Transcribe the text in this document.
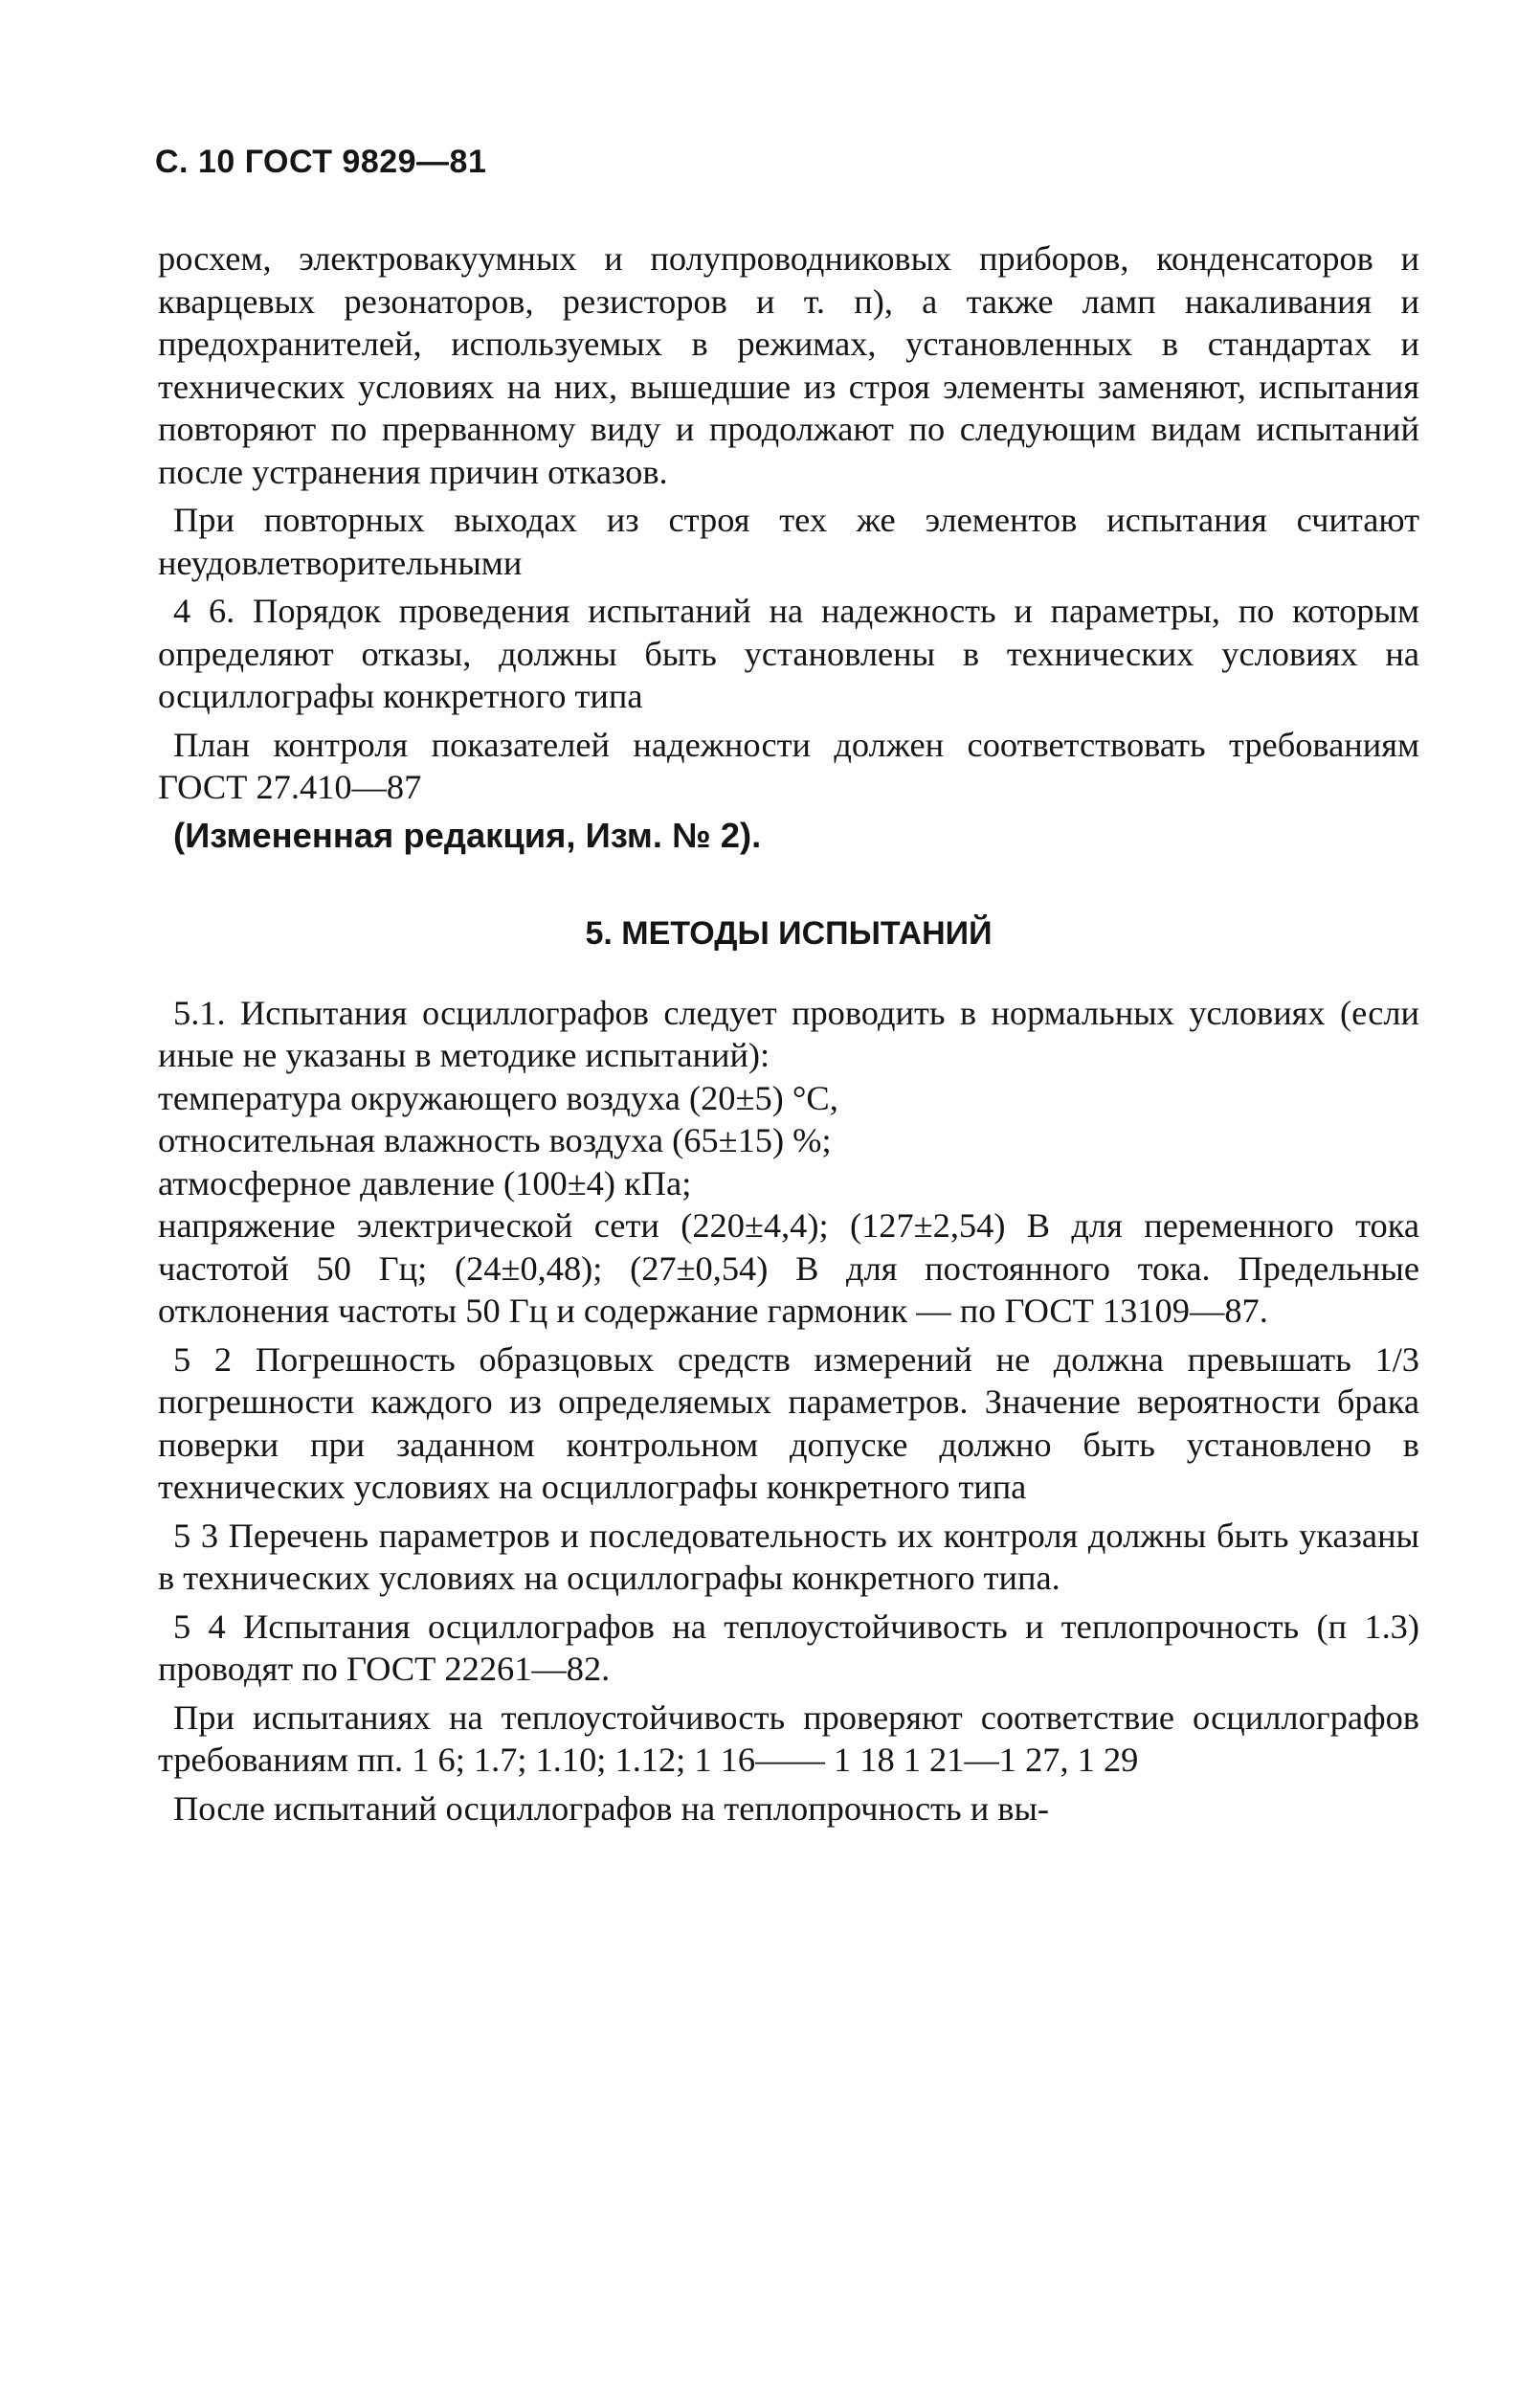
С. 10 ГОСТ 9829—81

росхем, электровакуумных и полупроводниковых приборов, конденсаторов и кварцевых резонаторов, резисторов и т. п), а также ламп накаливания и предохранителей, используемых в режимах, установленных в стандартах и технических условиях на них, вышедшие из строя элементы заменяют, испытания повторяют по прерванному виду и продолжают по следующим видам испытаний после устранения причин отказов.

При повторных выходах из строя тех же элементов испытания считают неудовлетворительными

4 6. Порядок проведения испытаний на надежность и параметры, по которым определяют отказы, должны быть установлены в технических условиях на осциллографы конкретного типа

План контроля показателей надежности должен соответствовать требованиям ГОСТ 27.410—87

(Измененная редакция, Изм. № 2).

5. МЕТОДЫ ИСПЫТАНИЙ
5.1. Испытания осциллографов следует проводить в нормальных условиях (если иные не указаны в методике испытаний):
температура окружающего воздуха (20±5) °С,
относительная влажность воздуха (65±15) %;
атмосферное давление (100±4) кПа;
напряжение электрической сети (220±4,4); (127±2,54) В для переменного тока частотой 50 Гц; (24±0,48); (27±0,54) В для постоянного тока. Предельные отклонения частоты 50 Гц и содержание гармоник — по ГОСТ 13109—87.

5 2 Погрешность образцовых средств измерений не должна превышать 1/3 погрешности каждого из определяемых параметров. Значение вероятности брака поверки при заданном контрольном допуске должно быть установлено в технических условиях на осциллографы конкретного типа

5 3 Перечень параметров и последовательность их контроля должны быть указаны в технических условиях на осциллографы конкретного типа.

5 4 Испытания осциллографов на теплоустойчивость и теплопрочность (п 1.3) проводят по ГОСТ 22261—82.

При испытаниях на теплоустойчивость проверяют соответствие осциллографов требованиям пп. 1 6; 1.7; 1.10; 1.12; 1 16—— 1 18 1 21—1 27, 1 29

После испытаний осциллографов на теплопрочность и вы-
